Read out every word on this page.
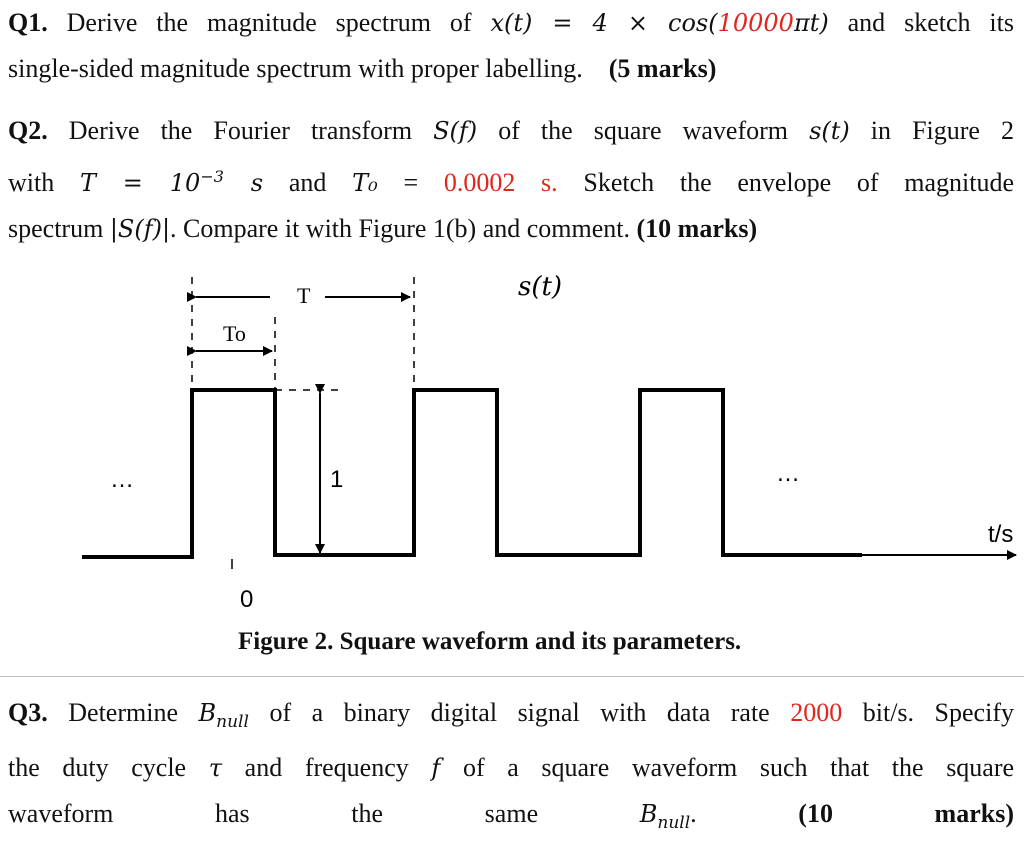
Q1. Derive the magnitude spectrum of x(t) = 4 × cos(10000πt) and sketch its

single-sided magnitude spectrum with proper labelling. (5 marks)

Q2. Derive the Fourier transform S(f) of the square waveform s(t) in Figure 2

with $T = 10^{-3}$ s and T₀ = 0.0002 s. Sketch the envelope of magnitude

spectrum |S(f)|. Compare it with Figure 1(b) and comment. (10 marks)

T
To
s(t)
t/s
1
0
…	…
Figure 2. Square waveform and its parameters.

Q3. Determine $B_{null}$ of a binary digital signal with data rate 2000 bit/s. Specify

the duty cycle τ and frequency f of a square waveform such that the square

waveform has the same $B_{null}$.	(10 marks)
